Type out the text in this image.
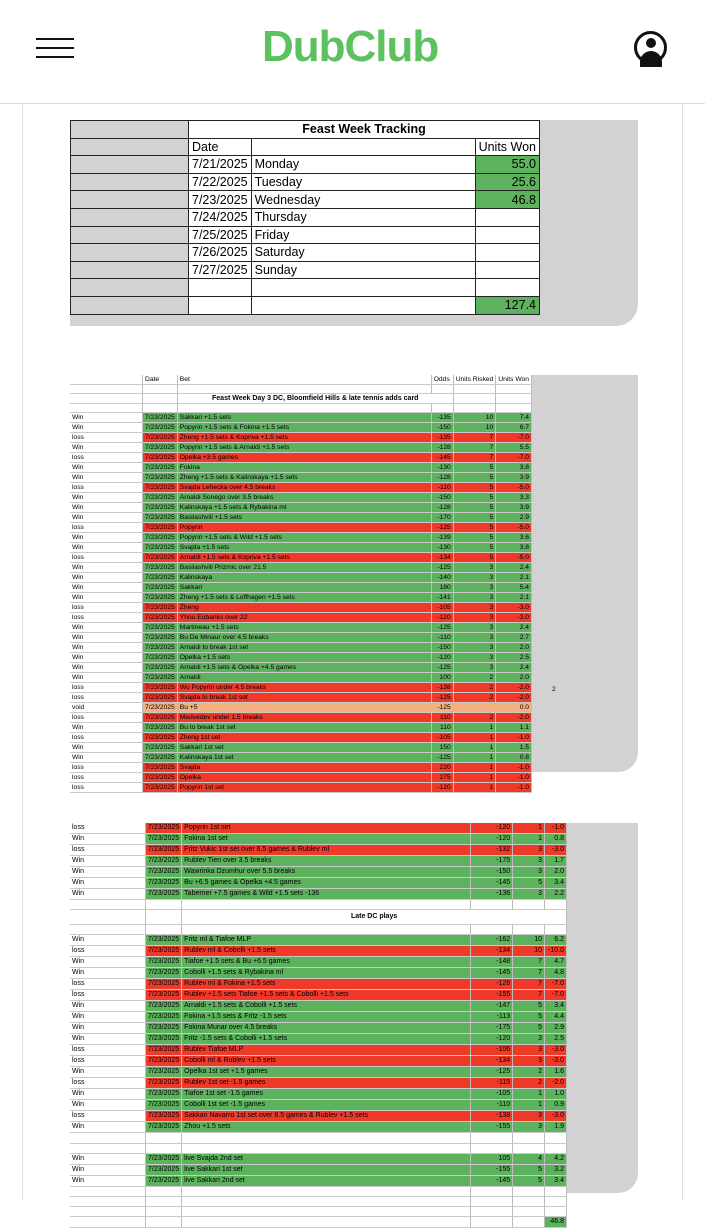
DubClub
	Feast Week Tracking		
	Date		Units Won
	7/21/2025	Monday	55.0
	7/22/2025	Tuesday	25.6
	7/23/2025	Wednesday	46.8
	7/24/2025	Thursday	
	7/25/2025	Friday	
	7/26/2025	Saturday	
	7/27/2025	Sunday	

			127.4
	Date	Bet	Odds	Units Risked	Units Won

		Feast Week Day 3 DC, Bloomfield Hills & late tennis adds card			

Win	7/23/2025	Sakkari +1.5 sets	-135	10	7.4
Win	7/23/2025	Popyrin +1.5 sets & Fokina +1.5 sets	-150	10	6.7
loss	7/23/2025	Zheng +1.5 sets & Kopriva +1.5 sets	-135	7	-7.0
Win	7/23/2025	Popyrin +1.5 sets & Arnaldi +1.5 sets	-128	7	5.5
loss	7/23/2025	Opelka +3.5 games	-145	7	-7.0
Win	7/23/2025	Fokina	-130	5	3.8
Win	7/23/2025	Zheng +1.5 sets & Kalinskaya +1.5 sets	-128	5	3.9
loss	7/23/2025	Svajda Lehecka over 4.5 breaks	-110	5	-5.0
Win	7/23/2025	Arnaldi Sonego over 3.5 breaks	-150	5	3.3
Win	7/23/2025	Kalinskaya +1.5 sets & Rybakina ml	-128	5	3.9
Win	7/23/2025	Basilashvili +1.5 sets	-170	5	2.9
loss	7/23/2025	Popyrin	-125	5	-5.0
Win	7/23/2025	Popyrin +1.5 sets & Wild +1.5 sets	-139	5	3.6
Win	7/23/2025	Svajda +1.5 sets	-130	5	3.8
loss	7/23/2025	Arnaldi +1.5 sets & Kopriva +1.5 sets	-134	5	-5.0
Win	7/23/2025	Basilashvili Prizmic over 21.5	-125	3	2.4
Win	7/23/2025	Kalinskaya	-140	3	2.1
Win	7/23/2025	Sakkari	180	3	5.4
Win	7/23/2025	Zheng +1.5 sets & Loffhagen +1.5 sets	-141	3	2.1
loss	7/23/2025	Zheng	-105	3	-3.0
loss	7/23/2025	Yhou Eubanks over 22	-120	3	-3.0
Win	7/23/2025	Martineau +1.5 sets	-125	3	2.4
Win	7/23/2025	Bu De Minaur over 4.5 breaks	-110	3	2.7
Win	7/23/2025	Arnaldi to break 1st set	-150	3	2.0
Win	7/23/2025	Opelka +1.5 sets	-120	3	2.5
Win	7/23/2025	Arnaldi +1.5 sets & Opelka +4.5 games	-125	3	2.4
Win	7/23/2025	Arnaldi	100	2	2.0
loss	7/23/2025	Wu Popyrin under 4.5 breaks	-138	2	-2.0
loss	7/23/2025	Svajda to break 1st set	-125	2	-2.0
void	7/23/2025	Bu +5	-125		0.0
loss	7/23/2025	Medvedev under 1.5 breaks	110	2	-2.0
Win	7/23/2025	Bu to break 1st set	110	1	1.1
loss	7/23/2025	Zheng 1st set	-105	1	-1.0
Win	7/23/2025	Sakkari 1st set	150	1	1.5
Win	7/23/2025	Kalinskaya 1st set	-125	1	0.8
loss	7/23/2025	Svajda	220	1	-1.0
loss	7/23/2025	Opelka	275	1	-1.0
loss	7/23/2025	Popyrin 1st set	-120	1	-1.0
2
loss	7/23/2025	Popyrin 1st set	-120	1	-1.0
Win	7/23/2025	Fokina 1st set	-120	1	0.8
loss	7/23/2025	Fritz Vukic 1st set over 6.5 games & Rublev ml	-132	3	-3.0
Win	7/23/2025	Rublev Tien over 3.5 breaks	-175	3	1.7
Win	7/23/2025	Wawrinka Dzumhur over 5.5 breaks	-150	3	2.0
Win	7/23/2025	Bu +6.5 games & Opelka +4.5 games	-145	5	3.4
Win	7/23/2025	Taberner +7.5 games & Wild +1.5 sets -136	-136	3	2.2

		Late DC plays			

Win	7/23/2025	Fritz ml & Tiafoe MLP	-162	10	6.2
loss	7/23/2025	Rublev ml & Cobolli +1.5 sets	-134	10	-10.0
Win	7/23/2025	Tiafoe +1.5 sets & Bu +6.5 games	-148	7	4.7
Win	7/23/2025	Cobolli +1.5 sets & Rybakina ml	-145	7	4.8
loss	7/23/2025	Rublev ml & Fokina +1.5 sets	-126	7	-7.0
loss	7/23/2025	Rublev +1.5 sets Tiafoe +1.5 sets & Cobolli +1.5 sets	-155	7	-7.0
Win	7/23/2025	Arnaldi +1.5 sets & Cobolli +1.5 sets	-147	5	3.4
Win	7/23/2025	Fokina +1.5 sets & Fritz -1.5 sets	-113	5	4.4
Win	7/23/2025	Fokina Munar over 4.5 breaks	-175	5	2.9
Win	7/23/2025	Fritz -1.5 sets & Cobolli +1.5 sets	-120	3	2.5
loss	7/23/2025	Rublev Tiafoe MLP	-106	3	-3.0
loss	7/23/2025	Cobolli ml & Rublev +1.5 sets	-134	3	-3.0
Win	7/23/2025	Opelka 1st set +1.5 games	-125	2	1.6
loss	7/23/2025	Rublev 1st set -1.5 games	-115	2	-2.0
Win	7/23/2025	Tiafoe 1st set -1.5 games	-105	1	1.0
Win	7/23/2025	Cobolli 1st set -1.5 games	-110	1	0.9
loss	7/23/2025	Sakkari Navarro 1st set over 8.5 games & Rublev +1.5 sets	-138	3	-3.0
Win	7/23/2025	Zhou +1.5 sets	-155	3	1.9

Win	7/23/2025	live Svajda 2nd set	105	4	4.2
Win	7/23/2025	live Sakkari 1st set	-155	5	3.2
Win	7/23/2025	live Sakkari 2nd set	-145	5	3.4

					46.8
